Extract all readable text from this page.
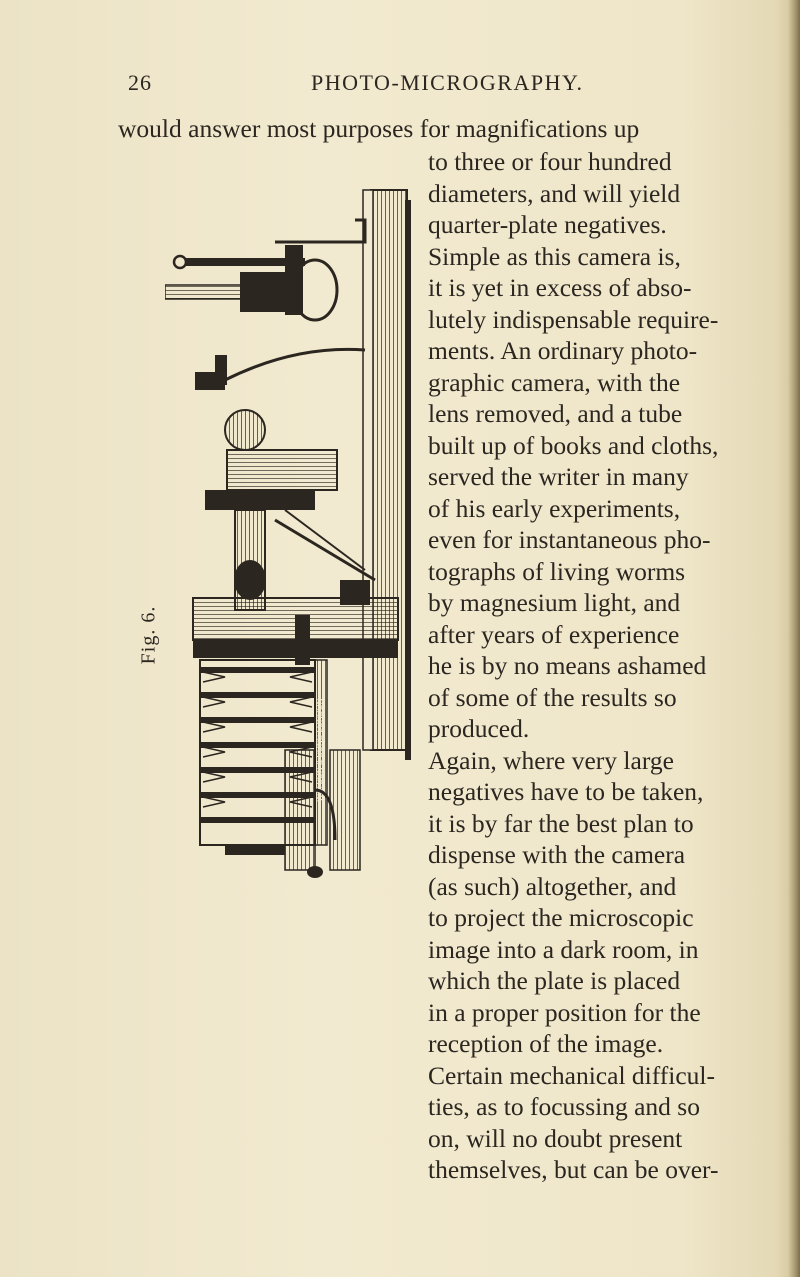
26	PHOTO-MICROGRAPHY.
would answer most purposes for magnifications up
Fig. 6.
WATSON & SONS LONDON
to three or four hundred
diameters, and will yield
quarter-plate negatives.
Simple as this camera is,
it is yet in excess of abso-
lutely indispensable require-
ments. An ordinary photo-
graphic camera, with the
lens removed, and a tube
built up of books and cloths,
served the writer in many
of his early experiments,
even for instantaneous pho-
tographs of living worms
by magnesium light, and
after years of experience
he is by no means ashamed
of some of the results so
produced.
Again, where very large
negatives have to be taken,
it is by far the best plan to
dispense with the camera
(as such) altogether, and
to project the microscopic
image into a dark room, in
which the plate is placed
in a proper position for the
reception of the image.
Certain mechanical difficul-
ties, as to focussing and so
on, will no doubt present
themselves, but can be over-
